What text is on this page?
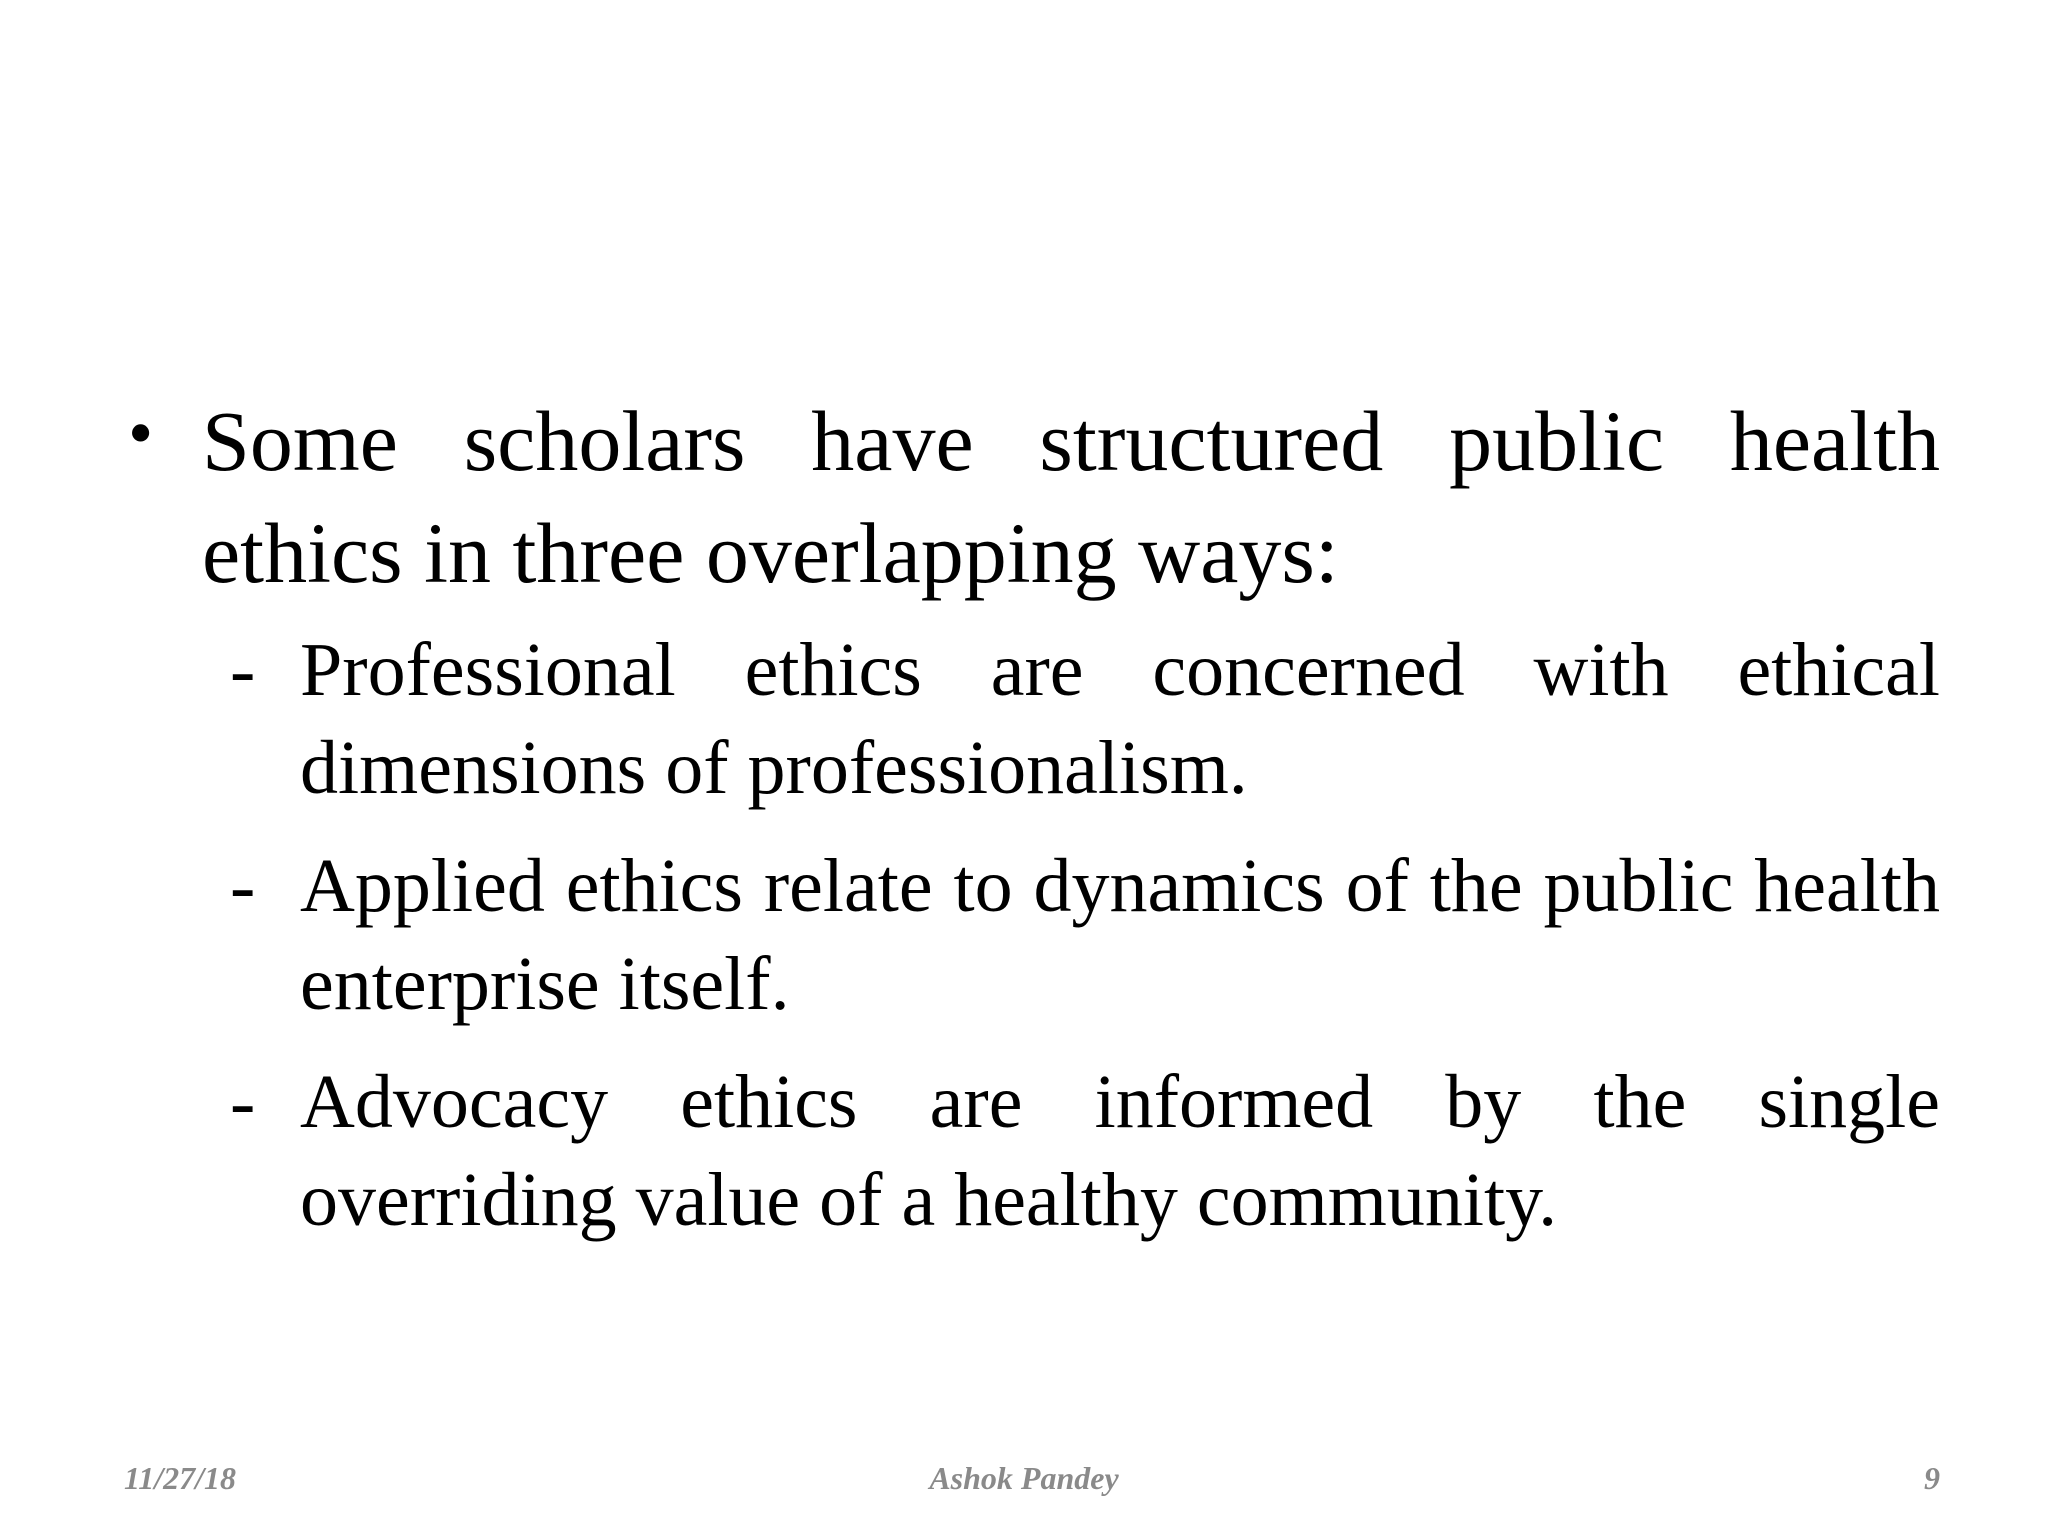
• Some scholars have structured public health ethics in three overlapping ways:
- Professional ethics are concerned with ethical dimensions of professionalism.
- Applied ethics relate to dynamics of the public health enterprise itself.
- Advocacy ethics are informed by the single overriding value of a healthy community.
11/27/18	Ashok Pandey	9
